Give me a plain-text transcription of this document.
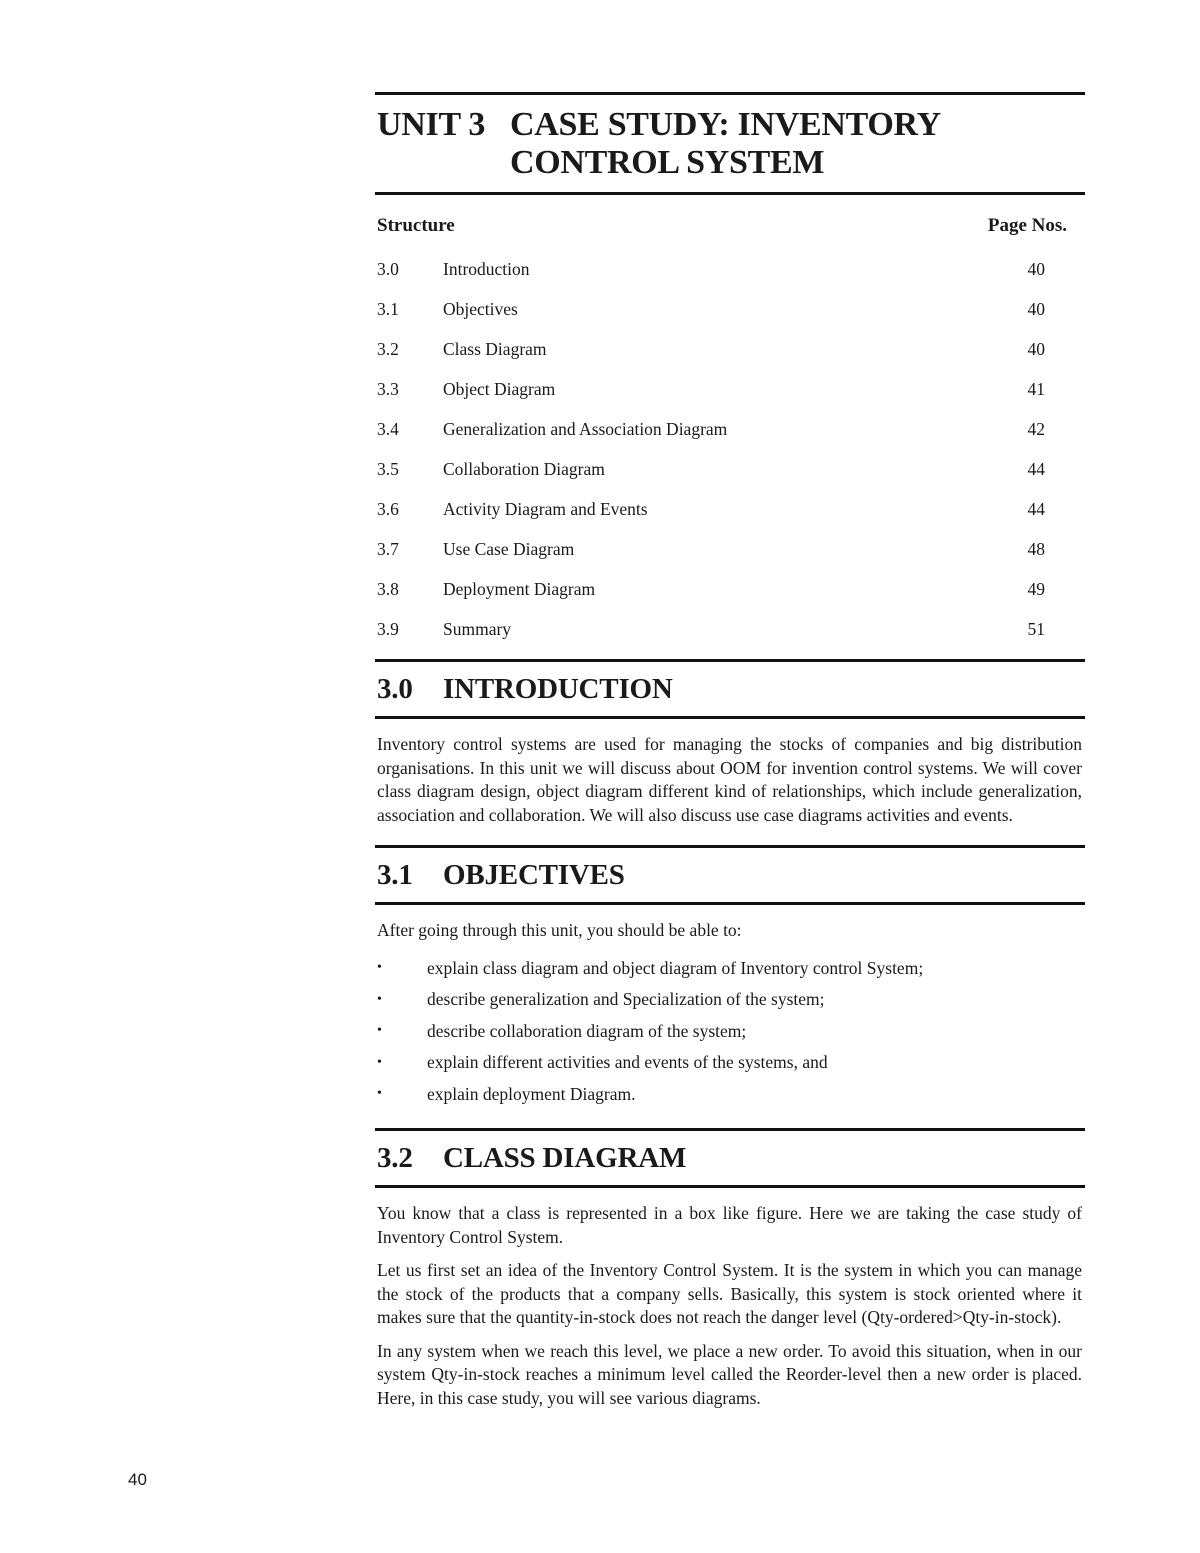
UNIT 3 CASE STUDY: INVENTORY
CONTROL SYSTEM
Structure	Page Nos.
3.0	Introduction	40
3.1	Objectives	40
3.2	Class Diagram	40
3.3	Object Diagram	41
3.4	Generalization and Association Diagram	42
3.5	Collaboration Diagram	44
3.6	Activity Diagram and Events	44
3.7	Use Case Diagram	48
3.8	Deployment Diagram	49
3.9	Summary	51
3.0	INTRODUCTION

Inventory control systems are used for managing the stocks of companies and big distribution organisations. In this unit we will discuss about OOM for invention control systems. We will cover class diagram design, object diagram different kind of relationships, which include generalization, association and collaboration. We will also discuss use case diagrams activities and events.

3.1	OBJECTIVES

After going through this unit, you should be able to:

•	explain class diagram and object diagram of Inventory control System;
•	describe generalization and Specialization of the system;
•	describe collaboration diagram of the system;
•	explain different activities and events of the systems, and
•	explain deployment Diagram.
3.2	CLASS DIAGRAM

You know that a class is represented in a box like figure. Here we are taking the case study of Inventory Control System.

Let us first set an idea of the Inventory Control System. It is the system in which you can manage the stock of the products that a company sells. Basically, this system is stock oriented where it makes sure that the quantity-in-stock does not reach the danger level (Qty-ordered>Qty-in-stock).

In any system when we reach this level, we place a new order. To avoid this situation, when in our system Qty-in-stock reaches a minimum level called the Reorder-level then a new order is placed. Here, in this case study, you will see various diagrams.

40
